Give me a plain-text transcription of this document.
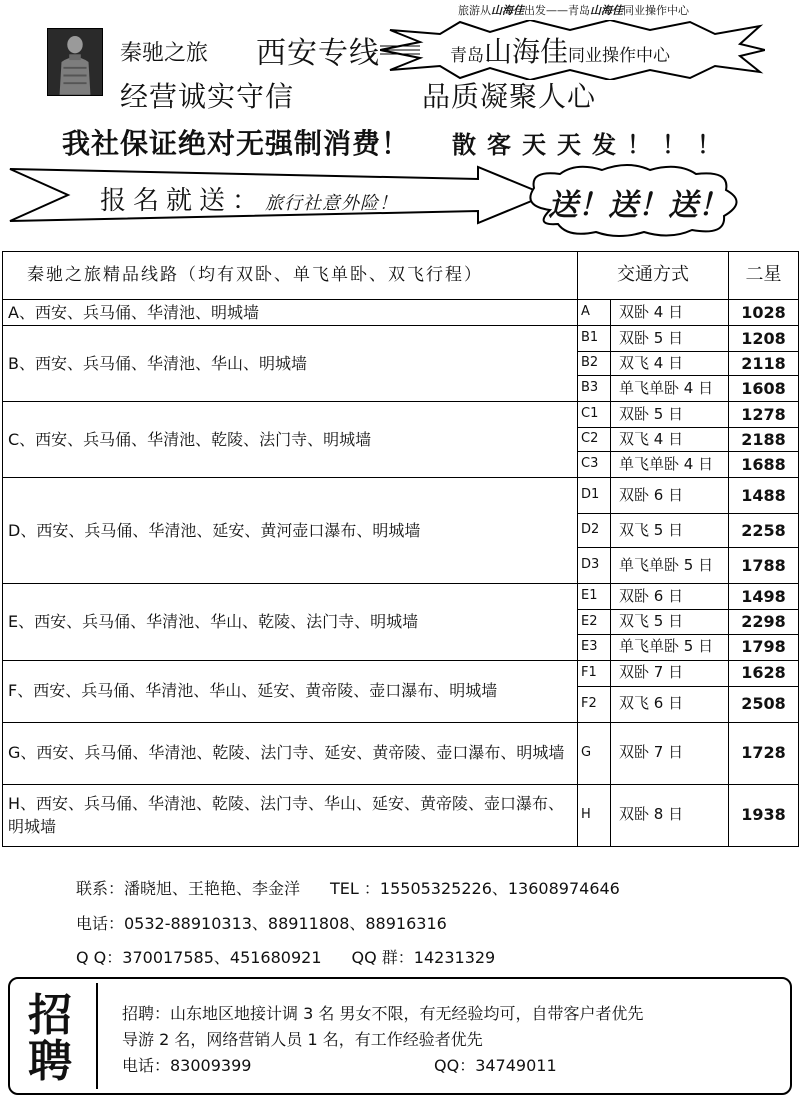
旅游从山海佳出发——青岛山海佳同业操作中心
秦驰之旅 西安专线	青岛山海佳同业操作中心
经营诚实守信	品质凝聚人心
我社保证绝对无强制消费！ 散客天天发！！！
报名就送：旅行社意外险！	送！送！送！
秦驰之旅精品线路（均有双卧、单飞单卧、双飞行程）	交通方式		二星
A、西安、兵马俑、华清池、明城墙	A	双卧 4 日	1028
B、西安、兵马俑、华清池、华山、明城墙	B1	双卧 5 日	1208
	B2	双飞 4 日	2118
	B3	单飞单卧 4 日	1608
C、西安、兵马俑、华清池、乾陵、法门寺、明城墙	C1	双卧 5 日	1278
	C2	双飞 4 日	2188
	C3	单飞单卧 4 日	1688
D、西安、兵马俑、华清池、延安、黄河壶口瀑布、明城墙	D1	双卧 6 日	1488
	D2	双飞 5 日	2258
	D3	单飞单卧 5 日	1788
E、西安、兵马俑、华清池、华山、乾陵、法门寺、明城墙	E1	双卧 6 日	1498
	E2	双飞 5 日	2298
	E3	单飞单卧 5 日	1798
F、西安、兵马俑、华清池、华山、延安、黄帝陵、壶口瀑布、明城墙	F1	双卧 7 日	1628
	F2	双飞 6 日	2508
G、西安、兵马俑、华清池、乾陵、法门寺、延安、黄帝陵、壶口瀑布、明城墙	G	双卧 7 日	1728
H、西安、兵马俑、华清池、乾陵、法门寺、华山、延安、黄帝陵、壶口瀑布、明城墙	H	双卧 8 日	1938
联系：潘晓旭、王艳艳、李金洋 TEL ：15505325226、13608974646
电话：0532-88910313、88911808、88916316
Q Q：370017585、451680921 QQ 群：14231329
招聘
招聘：山东地区地接计调 3 名 男女不限，有无经验均可，自带客户者优先
导游 2 名，网络营销人员 1 名，有工作经验者优先
电话：83009399	QQ：34749011
